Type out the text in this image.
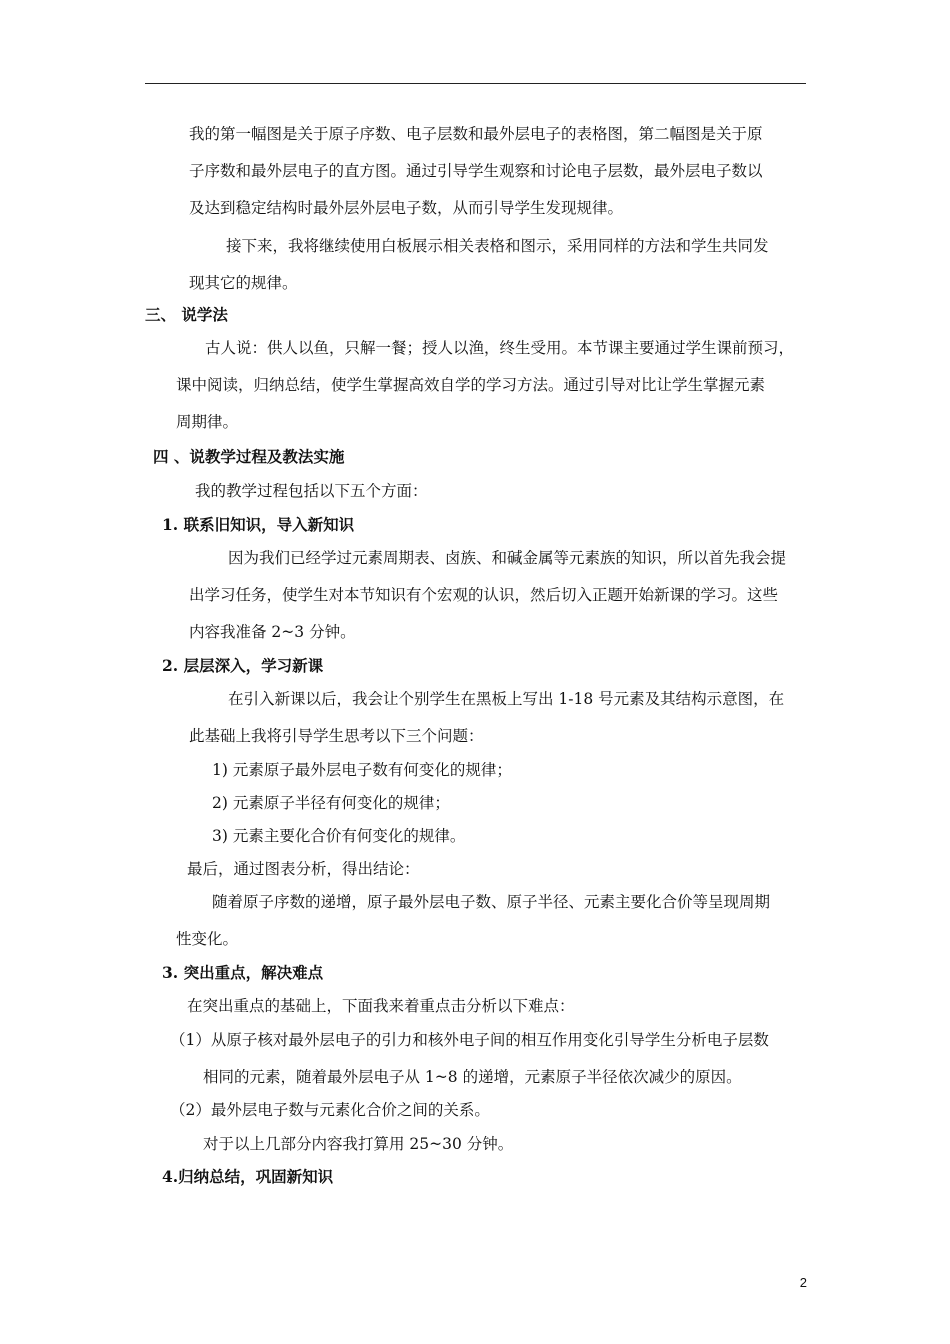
我的第一幅图是关于原子序数、电子层数和最外层电子的表格图，第二幅图是关于原
子序数和最外层电子的直方图。通过引导学生观察和讨论电子层数，最外层电子数以
及达到稳定结构时最外层外层电子数，从而引导学生发现规律。
接下来，我将继续使用白板展示相关表格和图示，采用同样的方法和学生共同发
现其它的规律。
三、 说学法
古人说：供人以鱼，只解一餐；授人以渔，终生受用。本节课主要通过学生课前预习，
课中阅读，归纳总结，使学生掌握高效自学的学习方法。通过引导对比让学生掌握元素
周期律。
四 、说教学过程及教法实施
我的教学过程包括以下五个方面：
1. 联系旧知识，导入新知识
因为我们已经学过元素周期表、卤族、和碱金属等元素族的知识，所以首先我会提
出学习任务，使学生对本节知识有个宏观的认识，然后切入正题开始新课的学习。这些
内容我准备 2~3 分钟。
2. 层层深入，学习新课
在引入新课以后，我会让个别学生在黑板上写出 1-18 号元素及其结构示意图，在
此基础上我将引导学生思考以下三个问题：
1) 元素原子最外层电子数有何变化的规律；
2) 元素原子半径有何变化的规律；
3) 元素主要化合价有何变化的规律。
最后，通过图表分析，得出结论：
随着原子序数的递增，原子最外层电子数、原子半径、元素主要化合价等呈现周期
性变化。
3. 突出重点，解决难点
在突出重点的基础上，下面我来着重点击分析以下难点：
（1）从原子核对最外层电子的引力和核外电子间的相互作用变化引导学生分析电子层数
相同的元素，随着最外层电子从 1~8 的递增，元素原子半径依次减少的原因。
（2）最外层电子数与元素化合价之间的关系。
对于以上几部分内容我打算用 25~30 分钟。
4.归纳总结，巩固新知识
2
